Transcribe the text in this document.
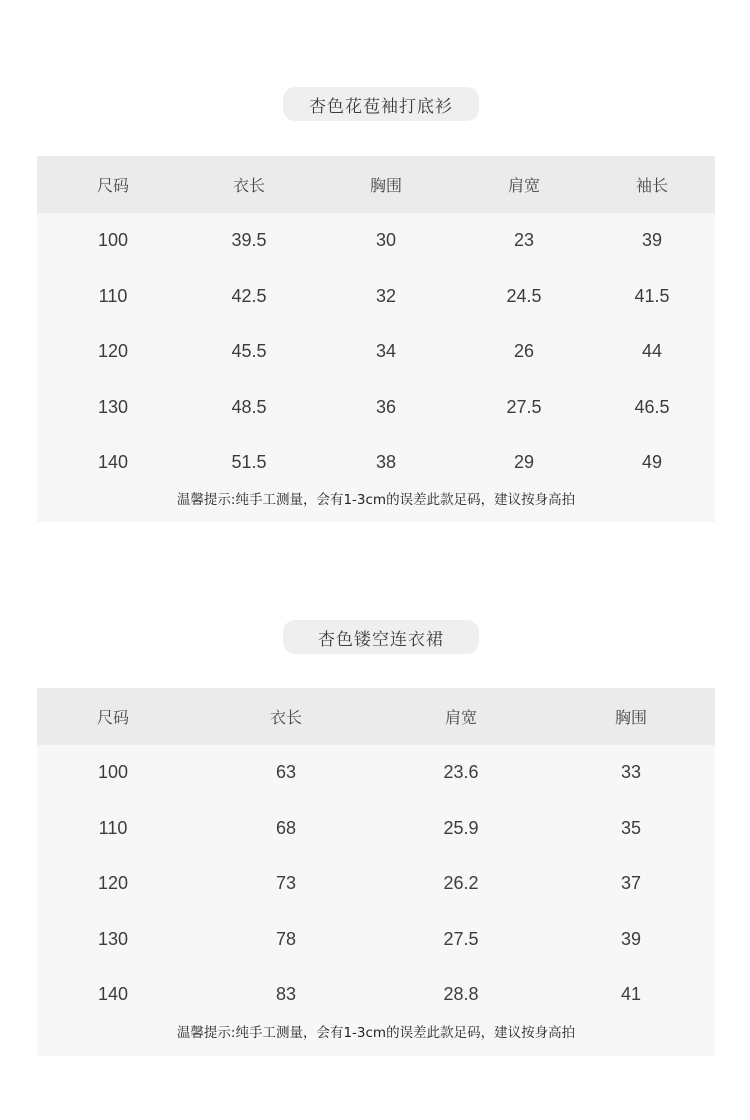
杏色花苞袖打底衫
尺码	衣长	胸围	肩宽	袖长
100	39.5	30	23	39
110	42.5	32	24.5	41.5
120	45.5	34	26	44
130	48.5	36	27.5	46.5
140	51.5	38	29	49
温馨提示:纯手工测量，会有1-3cm的误差此款足码，建议按身高拍
杏色镂空连衣裙
尺码	衣长	肩宽	胸围
100	63	23.6	33
110	68	25.9	35
120	73	26.2	37
130	78	27.5	39
140	83	28.8	41
温馨提示:纯手工测量，会有1-3cm的误差此款足码，建议按身高拍
